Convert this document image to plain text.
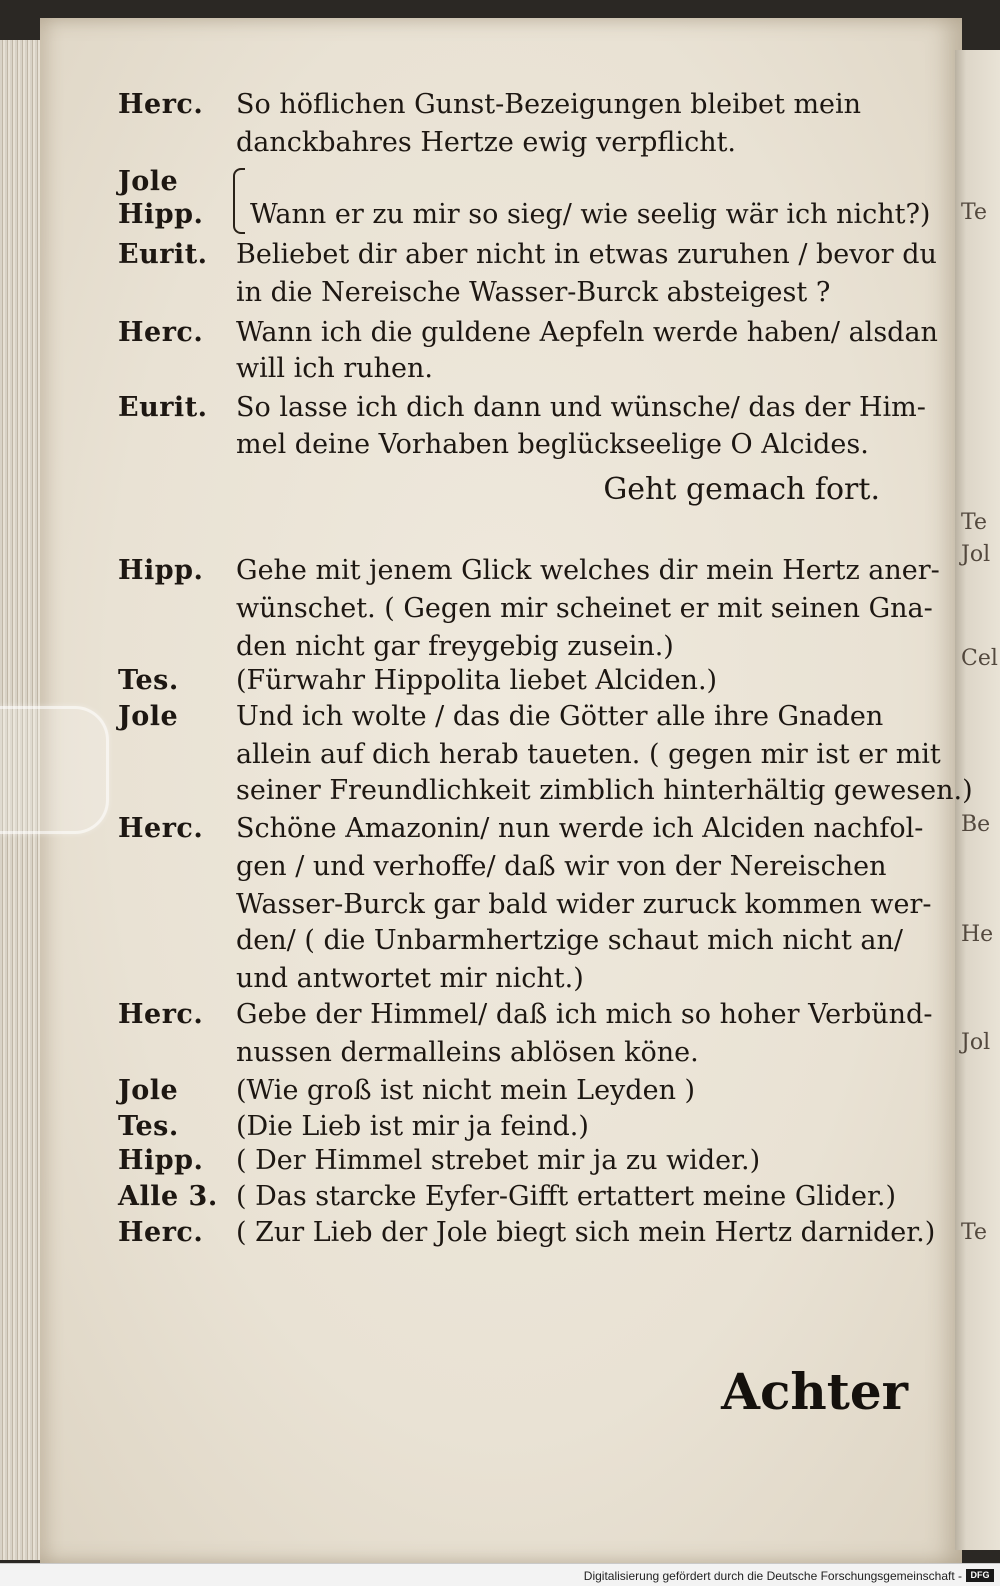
Te
Te
Jol
Cel
Be
He
Jol
Te
Herc.	So höflichen Gunst-Bezeigungen bleibet mein
danckbahres Hertze ewig verpflicht.
Jole
Hipp.	Wann er zu mir so sieg/ wie seelig wär ich nicht?)
Eurit.	Beliebet dir aber nicht in etwas zuruhen / bevor du
in die Nereische Wasser-Burck absteigest ?
Herc.	Wann ich die guldene Aepfeln werde haben/ alsdan
will ich ruhen.
Eurit.	So lasse ich dich dann und wünsche/ das der Him-
mel deine Vorhaben beglückseelige O Alcides.
Hipp.	Gehe mit jenem Glick welches dir mein Hertz aner-
wünschet. ( Gegen mir scheinet er mit seinen Gna-
den nicht gar freygebig zusein.)
Tes.	(Fürwahr Hippolita liebet Alciden.)
Jole	Und ich wolte / das die Götter alle ihre Gnaden
allein auf dich herab taueten. ( gegen mir ist er mit
seiner Freundlichkeit zimblich hinterhältig gewesen.)
Herc.	Schöne Amazonin/ nun werde ich Alciden nachfol-
gen / und verhoffe/ daß wir von der Nereischen
Wasser-Burck gar bald wider zuruck kommen wer-
den/ ( die Unbarmhertzige schaut mich nicht an/
und antwortet mir nicht.)
Herc.	Gebe der Himmel/ daß ich mich so hoher Verbünd-
nussen dermalleins ablösen köne.
Jole	(Wie groß ist nicht mein Leyden )
Tes.	(Die Lieb ist mir ja feind.)
Hipp.	( Der Himmel strebet mir ja zu wider.)
Alle 3. ( Das starcke Eyfer-Gifft ertattert meine Glider.)
Herc.	( Zur Lieb der Jole biegt sich mein Hertz darnider.)
Geht gemach fort.
Achter
Digitalisierung gefördert durch die Deutsche Forschungsgemeinschaft - DFG
